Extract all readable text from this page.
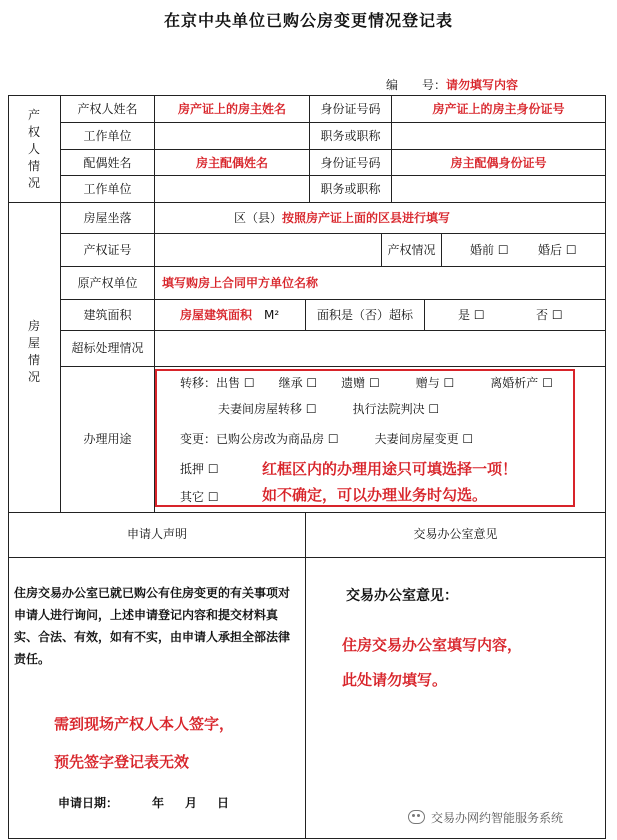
在京中央单位已购公房变更情况登记表
编　　号：请勿填写内容
产权人情况
产权人姓名	房产证上的房主姓名	身份证号码	房产证上的房主身份证号
工作单位	职务或职称
配偶姓名	房主配偶姓名	身份证号码	房主配偶身份证号
工作单位	职务或职称
房屋情况
房屋坐落	区（县） 按照房产证上面的区县进行填写
产权证号	产权情况	婚前 ☐ 婚后 ☐
原产权单位	填写购房上合同甲方单位名称
建筑面积	房屋建筑面积 M²	面积是（否）超标	是 ☐	否 ☐
超标处理情况
办理用途
转移：出售 ☐　　继承 ☐　　遗赠 ☐　　　赠与 ☐　　　离婚析产 ☐
夫妻间房屋转移 ☐　　　执行法院判决 ☐
变更：已购公房改为商品房 ☐　　　夫妻间房屋变更 ☐
抵押 ☐
其它 ☐
红框区内的办理用途只可填选择一项！
如不确定，可以办理业务时勾选。
申请人声明	交易办公室意见
住房交易办公室已就已购公有住房变更的有关事项对申请人进行询问，上述申请登记内容和提交材料真实、合法、有效，如有不实，由申请人承担全部法律责任。
需到现场产权人本人签字，
预先签字登记表无效
申请日期：	年 月 日
交易办公室意见：
住房交易办公室填写内容，
此处请勿填写。
交易办网约智能服务系统
